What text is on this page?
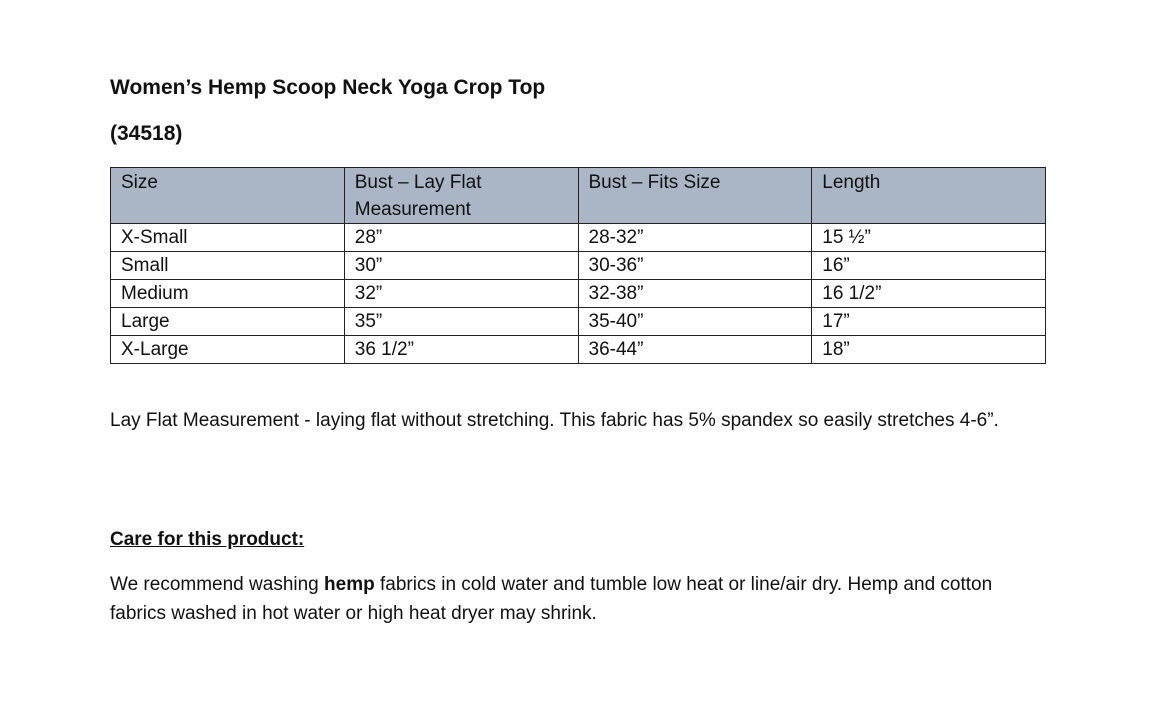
Women’s Hemp Scoop Neck Yoga Crop Top
(34518)
Size	Bust – Lay Flat Measurement	Bust – Fits Size	Length
X-Small	28”	28-32”	15 ½”
Small	30”	30-36”	16”
Medium	32”	32-38”	16 1/2”
Large	35”	35-40”	17”
X-Large	36 1/2”	36-44”	18”

Lay Flat Measurement - laying flat without stretching. This fabric has 5% spandex so easily stretches 4-6”.

Care for this product:

We recommend washing hemp fabrics in cold water and tumble low heat or line/air dry. Hemp and cotton fabrics washed in hot water or high heat dryer may shrink.
